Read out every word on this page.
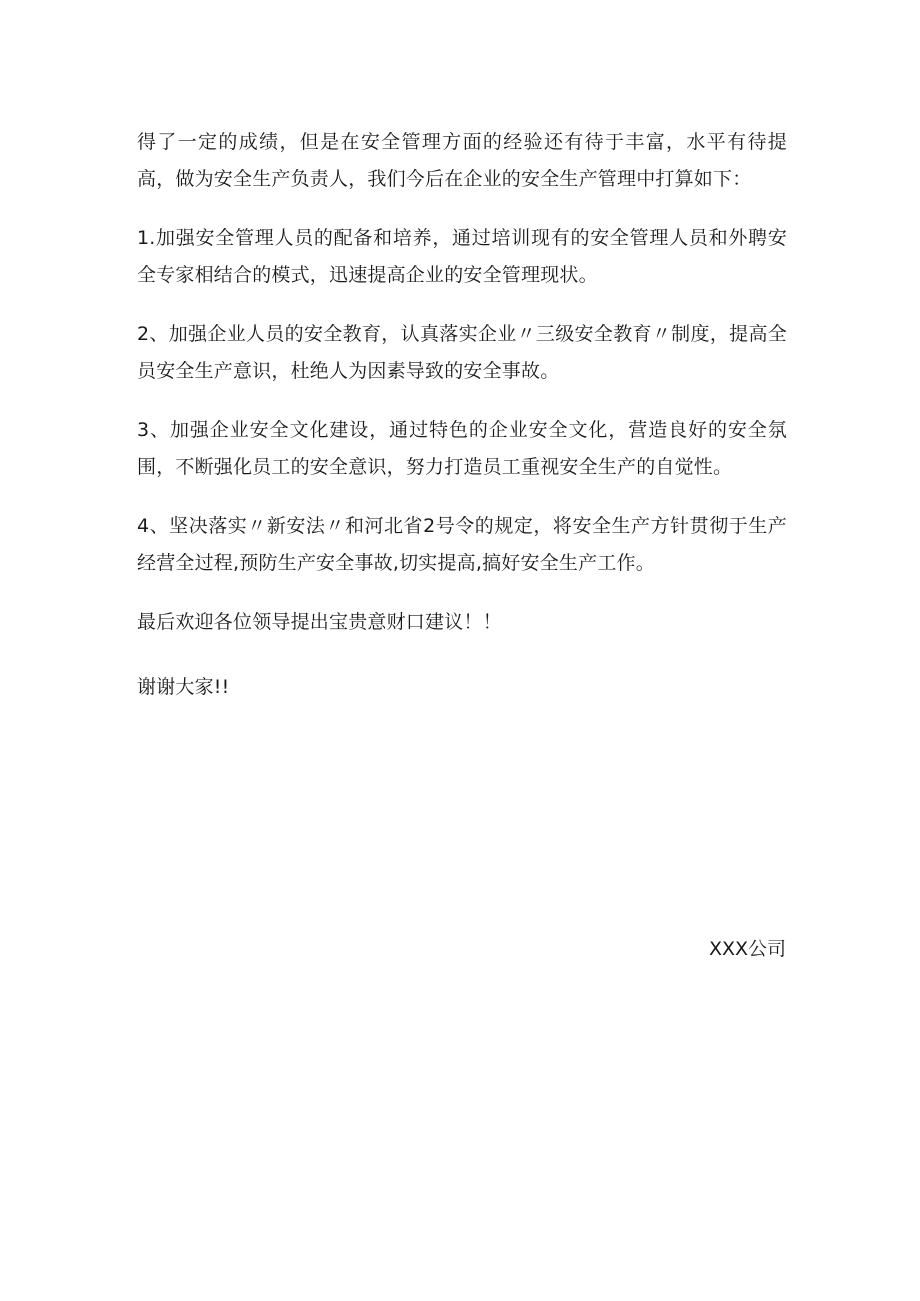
得了一定的成绩，但是在安全管理方面的经验还有待于丰富，水平有待提高，做为安全生产负责人，我们今后在企业的安全生产管理中打算如下：

1.加强安全管理人员的配备和培养，通过培训现有的安全管理人员和外聘安全专家相结合的模式，迅速提高企业的安全管理现状。

2、加强企业人员的安全教育，认真落实企业〃三级安全教育〃制度，提高全员安全生产意识，杜绝人为因素导致的安全事故。

3、加强企业安全文化建设，通过特色的企业安全文化，营造良好的安全氛围，不断强化员工的安全意识，努力打造员工重视安全生产的自觉性。

4、坚决落实〃新安法〃和河北省2号令的规定，将安全生产方针贯彻于生产经营全过程,预防生产安全事故,切实提高,搞好安全生产工作。

最后欢迎各位领导提出宝贵意财口建议！！

谢谢大家!!

XXX公司
